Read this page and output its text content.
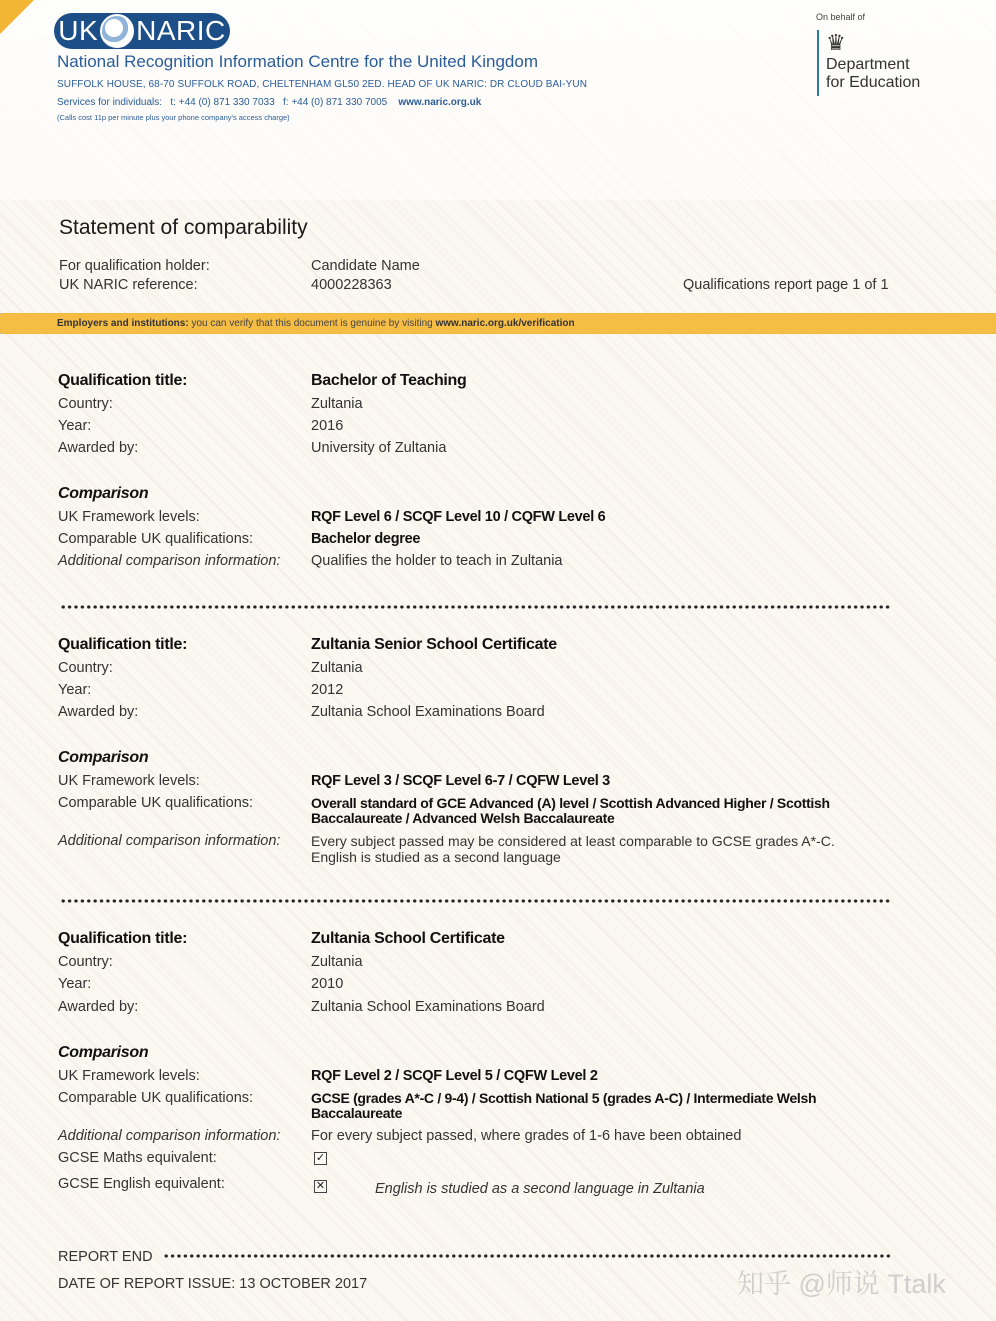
UK NARIC
National Recognition Information Centre for the United Kingdom
SUFFOLK HOUSE, 68-70 SUFFOLK ROAD, CHELTENHAM GL50 2ED. HEAD OF UK NARIC: DR CLOUD BAI-YUN
Services for individuals: t: +44 (0) 871 330 7033 f: +44 (0) 871 330 7005 www.naric.org.uk
(Calls cost 11p per minute plus your phone company's access charge)
On behalf of
♛
Department
for Education
Statement of comparability
For qualification holder:	Candidate Name
UK NARIC reference:	4000228363	Qualifications report page 1 of 1
Employers and institutions: you can verify that this document is genuine by visiting www.naric.org.uk/verification
Qualification title:	Bachelor of Teaching
Country:	Zultania
Year:	2016
Awarded by:	University of Zultania
Comparison
UK Framework levels:	RQF Level 6 / SCQF Level 10 / CQFW Level 6
Comparable UK qualifications:	Bachelor degree
Additional comparison information:	Qualifies the holder to teach in Zultania
Qualification title:	Zultania Senior School Certificate
Country:	Zultania
Year:	2012
Awarded by:	Zultania School Examinations Board
Comparison
UK Framework levels:	RQF Level 3 / SCQF Level 6-7 / CQFW Level 3
Comparable UK qualifications:	Overall standard of GCE Advanced (A) level / Scottish Advanced Higher / Scottish
Baccalaureate / Advanced Welsh Baccalaureate
Additional comparison information:	Every subject passed may be considered at least comparable to GCSE grades A*-C.
English is studied as a second language
Qualification title:	Zultania School Certificate
Country:	Zultania
Year:	2010
Awarded by:	Zultania School Examinations Board
Comparison
UK Framework levels:	RQF Level 2 / SCQF Level 5 / CQFW Level 2
Comparable UK qualifications:	GCSE (grades A*-C / 9-4) / Scottish National 5 (grades A-C) / Intermediate Welsh
Baccalaureate
Additional comparison information:	For every subject passed, where grades of 1-6 have been obtained
GCSE Maths equivalent:	✓
GCSE English equivalent:	✕	English is studied as a second language in Zultania
REPORT END
DATE OF REPORT ISSUE: 13 OCTOBER 2017	知乎 @师说 Ttalk
